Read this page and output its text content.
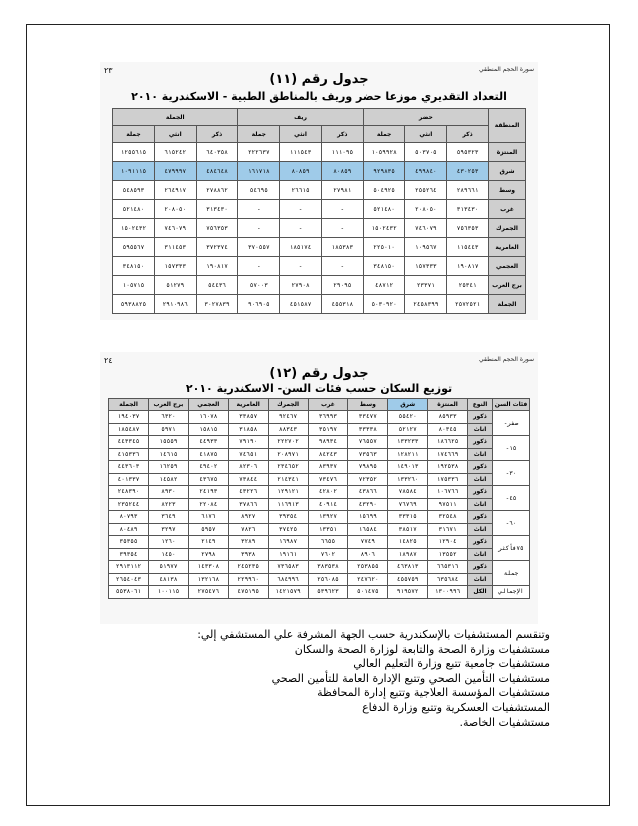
٢٣	سورة الحجم المنطقي
جدول رقم (١١)
التعداد التقديري موزعا حضر وريف بالمناطق الطبية - الاسكندرية ٢٠١٠
المنطقة	حضر			ريف			الجملة		
	ذكر	انثي	جملة	ذكر	انثي	جملة	ذكر	انثي	جملة
المنتزة	٥٩٥٣٢٣	٥٠٣٧٠٥	١٠٥٩٩٢٨	١١١٠٩٥	١١١٥٤٣	٢٢٢٦٣٧	٦٤٠٣٥٨	٦١٥٢٤٢	١٢٥٥٦١٥
شرق	٤٣٠٢٥٣	٤٩٩٨٤٠	٩٢٩٨٣٥	٨٠٨٥٩	٨٠٨٥٩	١٦١٧١٨	٤٨٤٦٤٨	٤٧٩٩٩٧	١٠٩١١١٥
وسط	٢٨٩٦٦١	٢٥٥٢٦٤	٥٠٤٩٢٥	٢٧٩٨١	٢٦٦١٥	٥٤٦٩٥	٢٧٨٨٦٢	٢٦٤٩١٧	٥٤٨٥٩٣
غرب	٣١٣٤٣٠	٢٠٨٠٥٠	٥٢١٤٨٠	-	-	-	٣١٣٤٣٠	٢٠٨٠٥٠	٥٢١٤٨٠
الجمرك	٧٥٦٣٥٣	٧٤٦٠٧٩	١٥٠٢٤٣٢	-	-	-	٧٥٦٣٥٣	٧٤٦٠٧٩	١٥٠٢٤٣٢
العامرية	١١٥٤٤٣	١٠٩٥٦٧	٢٢٥٠١٠	١٨٥٣٨٣	١٨٥١٧٤	٣٧٠٥٥٧	٣٧٢٣٧٤	٣١١٤٥٣	٥٩٥٥٦٧
العجمي	١٩٠٨١٧	١٥٧٣٣٣	٣٤٨١٥٠	-	-	-	١٩٠٨١٧	١٥٧٣٣٣	٣٤٨١٥٠
برج العرب	٢٥٣٤١	٢٣٣٧١	٤٨٧١٢	٢٩٠٩٥	٢٧٩٠٨	٥٧٠٠٣	٥٤٤٣٦	٥١٢٧٩	١٠٥٧١٥
الجملة	٢٥٧٢٥٢١	٢٤٥٨٣٩٩	٥٠٣٠٩٢٠	٤٥٥٣١٨	٤٥١٥٨٧	٩٠٦٩٠٥	٣٠٢٧٨٣٩	٢٩١٠٩٨٦	٥٩٣٨٨٢٥
٢٤	سورة الحجم المنطقي
جدول رقم (١٢)
توزيع السكان حسب فئات السن- الاسكندرية ٢٠١٠
فئات السن	النوع	المنتزة	شرق	وسط	غرب	الجمرك	العامرية	العجمي	برج العرب	الجملة
صفر-	ذكور	٨٥٩٣٣	٥٥٤٢٠	٣٣٤٧٧	٣٦٩٩٣	٩٢٤٦٧	٣٣٨٥٧	١٦٠٧٨	٦٣٢٠	١٩٤٠٣٧
	اناث	٨٠٣٤٥	٥٢١٢٧	٣٣٣٣٨	٣٥١٩٧	٨٨٣٤٣	٣١٨٥٨	١٥٨١٥	٥٩٧١	١٨٥٤٨٧
١٥-	ذكور	١٨٦٦٢٥	١٣٣٢٣٣	٧٦٥٥٧	٩٨٩٣٤	٢٢٢٧٠٢	٧٩١٩٠	٤٤٩٣٣	١٥٥٥٩	٤٤٣٣٤٥
	اناث	١٧٤٦٦٩	١٢٨٢١١	٧٣٥٦٣	٨٤٢٤٣	٢٠٨٩٧١	٧٤٦٥١	٤١٨٧٥	١٤٦١٥	٤١٥٣٣٦
٣٠-	ذكور	١٩٢٥٣٨	١٤٩٠١٣	٧٩٨٩٥	٨٣٩٣٧	٢٣٤٦٥٢	٨٢٣٠٦	٤٩٤٠٢	١٦٢٥٩	٤٤٣٦٠٣
	اناث	١٧٥٣٣٦	١٣٣٢٦٠	٧٢٣٥٢	٧٣٤٧٦	٢١٤٣٤١	٧٣٨٤٤	٤٣٦٧٥	١٤٥٨٢	٤٠١٣٣٧
٤٥-	ذكور	١٠٦٧٦٦	٧٨٥٨٤	٤٣٨٦٦	٤٢٨٠٢	١٢٩١٢١	٤٣٢٢٦	٢٤١٩٣	٨٩٣٠	٢٤٨٣٩٠
	اناث	٩٧٥١١	٧٦٧٦٩	٤٣٢٩٠	٤٠٩١٤	١١٦٩١٣	٣٧٨٦٦	٢٢٠٨٤	٨٢٢٣	٢٣٥٢٤٤
٦٠-	ذكور	٣٢٥٤٨	٣٣٣١٥	١٥٦٩٩	١٣٩٢٧	٣٩٣٥٤	٨٩٢٧	٦١٧٦	٣٦٤٩	٨٠٧٩٣
	اناث	٣١٦٧١	٣٨٥١٧	١٦٥٨٤	١٣٣٥١	٣٧٤٢٥	٧٨٢٦	٥٩٥٧	٣٢٩٧	٨٠٤٨٩
٧٥فأكثر	ذكور	١٢٩٠٤	١٤٨٢٥	٧٧٤٩	٦٦٥٥	١٦٩٨٧	٣٢٨٩	٢١٤٩	١٢٦٠	٣٥٣٥٥
	اناث	١٣٥٥٢	١٨٩٨٧	٨٩٠٦	٧٦٠٢	١٩١٦١	٣٩٣٨	٢٧٩٨	١٤٥٠	٣٩٣٥٤
جملة	ذكور	٦٦٥٣١٦	٤٦٣٨١٣	٢٥٣٨٥٥	٣٨٣٥٣٨	٧٣٦٥٨٣	٢٤٥٢٣٥	١٤٣٣٠٨	٥١٩٧٧	٢٩١٣١١٢
	اناث	٦٣٥٦٨٤	٤٥٥٧٥٩	٢٤٧٦٢٠	٢٥٦٠٨٥	٦٨٤٩٩٦	٢٢٩٩٦٠	١٣٢١٦٨	٤٨١٣٨	٢٦٥٤٠٤٣
الإجمالي	الكل	١٣٠٠٩٩٦	٩١٩٥٧٢	٥٠١٤٧٥	٥٣٩٦٢٣	١٤٢١٥٧٩	٤٧٥١٩٥	٢٧٥٤٧٦	١٠٠١١٥	٥٥٣٨٠٦١
وتنقسم المستشفيات بالإسكندرية حسب الجهة المشرفة علي المستشفي إلي:
مستشفيات وزارة الصحة والتابعة لوزارة الصحة والسكان
مستشفيات جامعية تتبع وزارة التعليم العالي
مستشفيات التأمين الصحي وتتبع الإدارة العامة للتأمين الصحي
مستشفيات المؤسسة العلاجية وتتبع إدارة المحافظة
المستشفيات العسكرية وتتبع وزارة الدفاع
مستشفيات الخاصة.
